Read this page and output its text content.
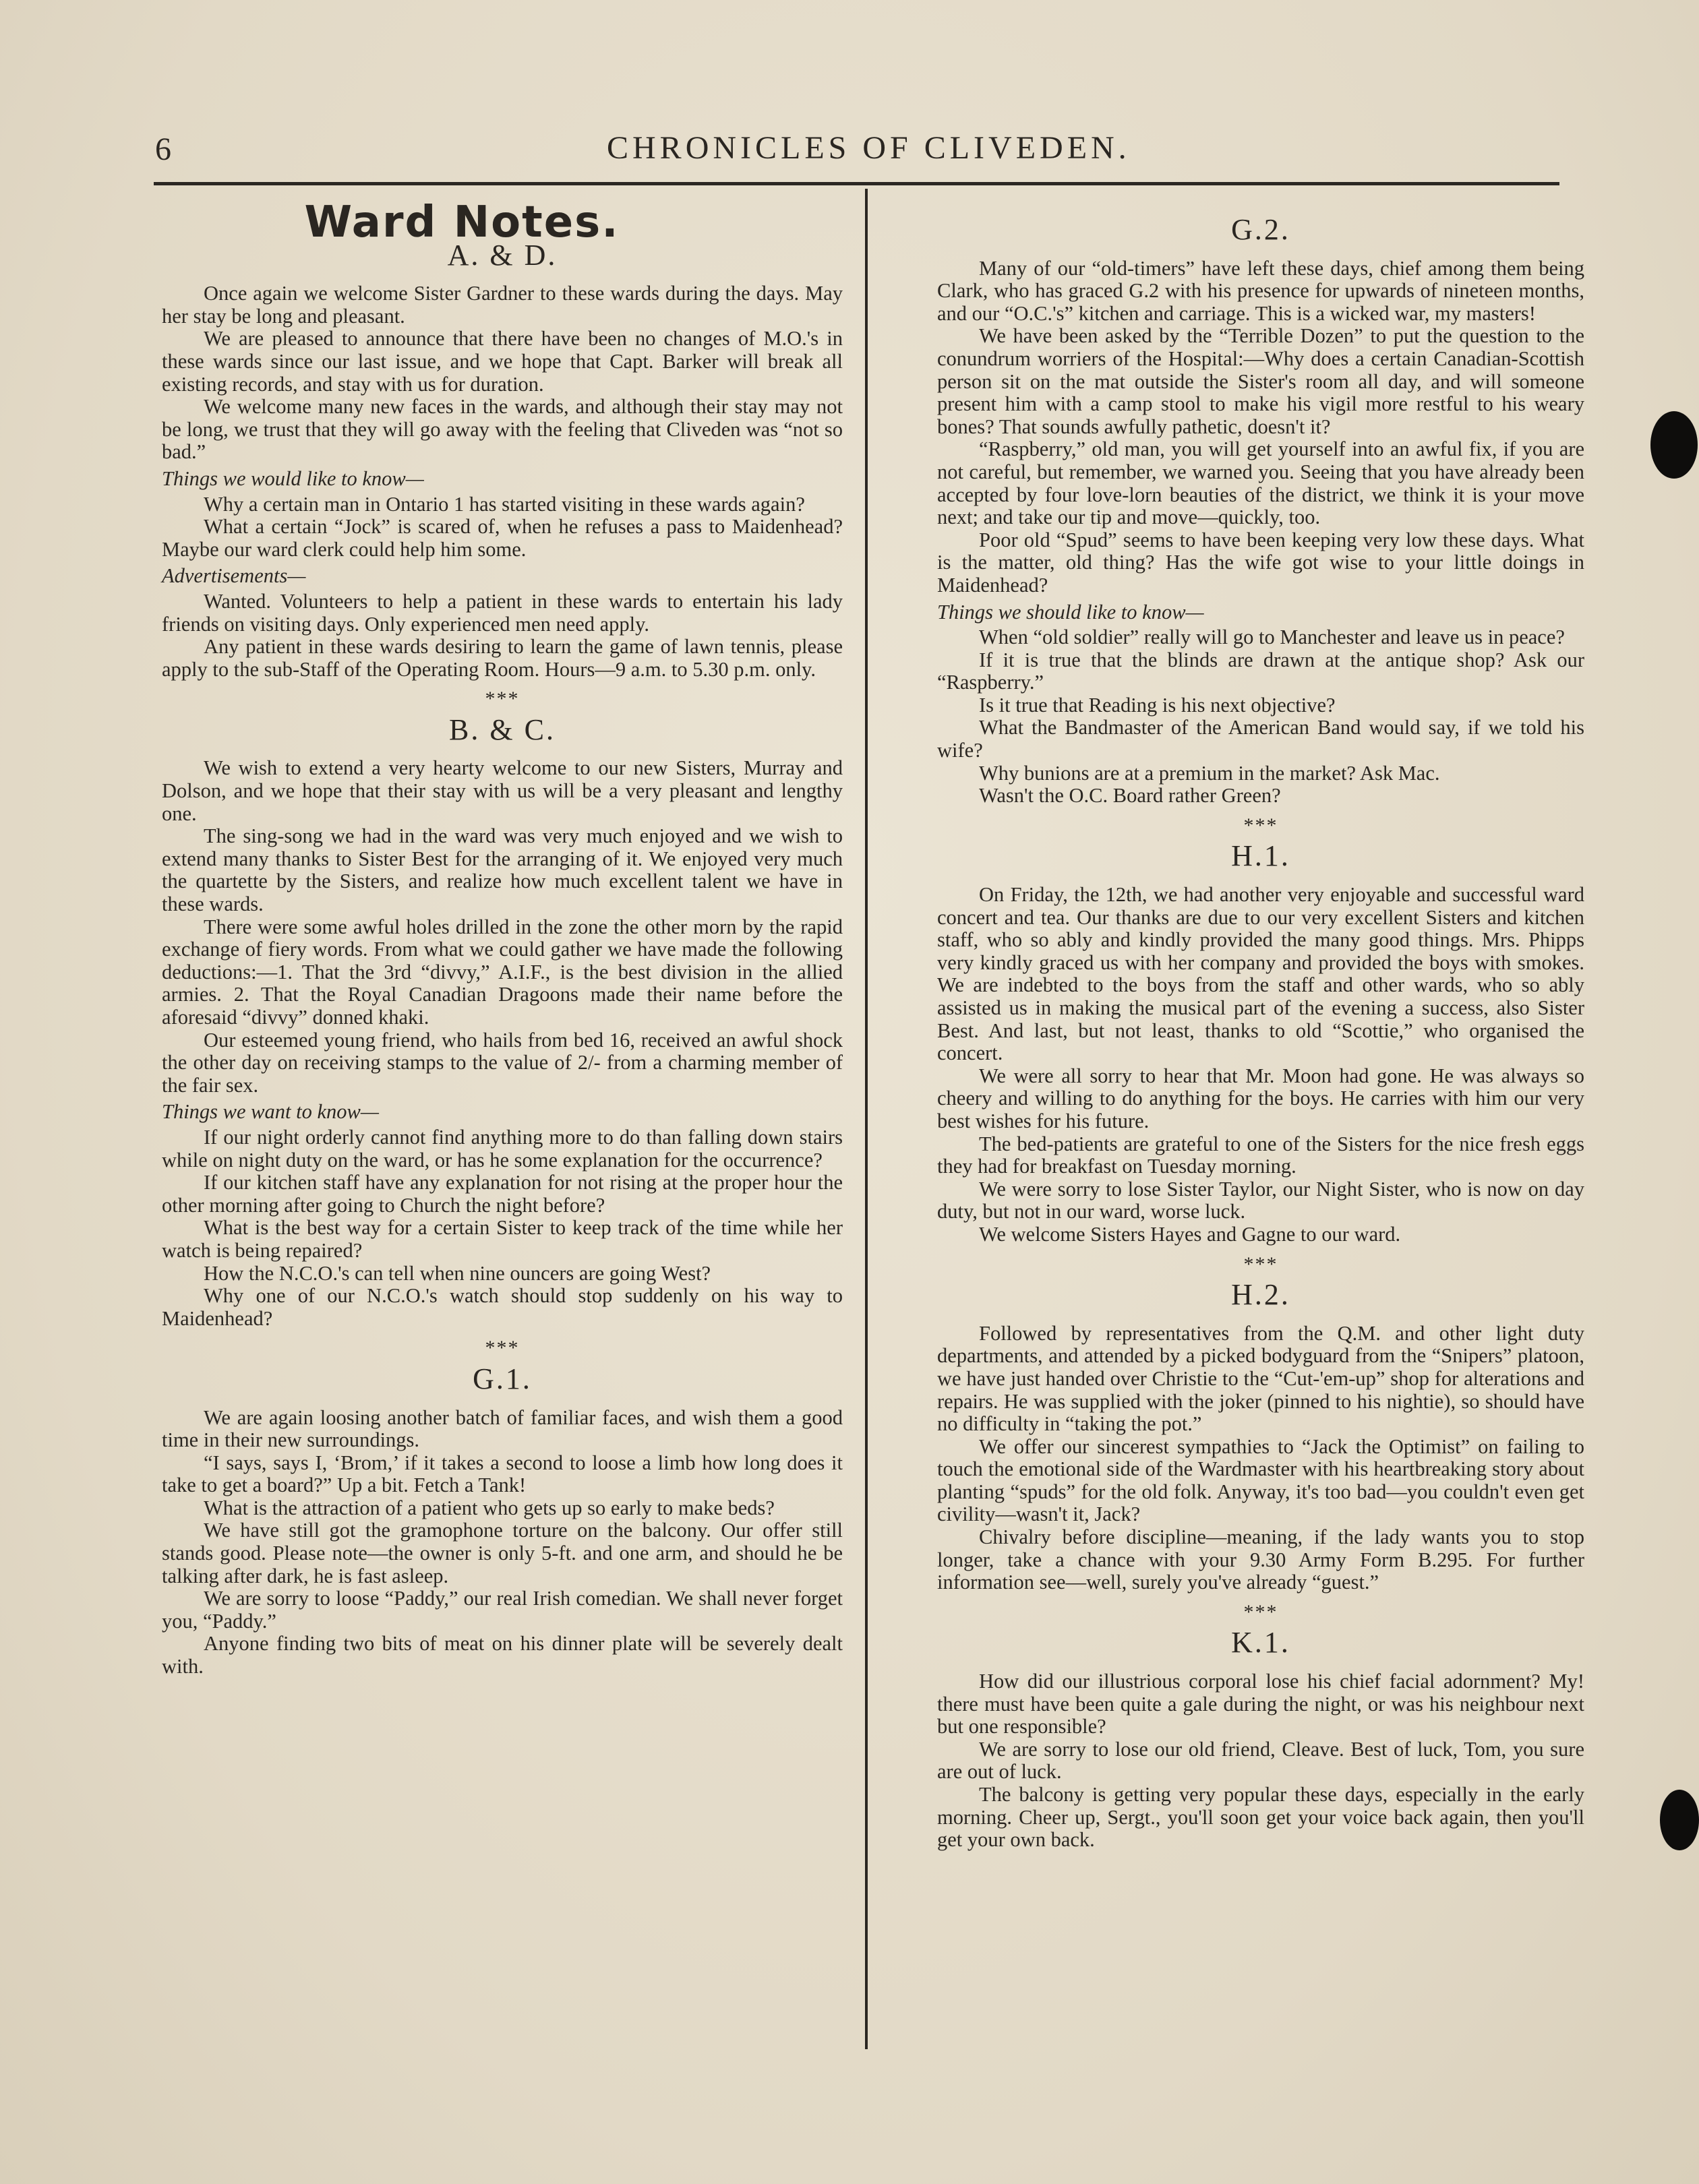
6	CHRONICLES OF CLIVEDEN.
Ward Notes.
A. & D.

Once again we welcome Sister Gardner to these wards during the days. May her stay be long and pleasant.

We are pleased to announce that there have been no changes of M.O.'s in these wards since our last issue, and we hope that Capt. Barker will break all existing records, and stay with us for duration.

We welcome many new faces in the wards, and although their stay may not be long, we trust that they will go away with the feeling that Cliveden was “not so bad.”

Things we would like to know—

Why a certain man in Ontario 1 has started visiting in these wards again?

What a certain “Jock” is scared of, when he refuses a pass to Maidenhead? Maybe our ward clerk could help him some.

Advertisements—

Wanted. Volunteers to help a patient in these wards to entertain his lady friends on visiting days. Only experienced men need apply.

Any patient in these wards desiring to learn the game of lawn tennis, please apply to the sub-Staff of the Operating Room. Hours—9 a.m. to 5.30 p.m. only.

***
B. & C.

We wish to extend a very hearty welcome to our new Sisters, Murray and Dolson, and we hope that their stay with us will be a very pleasant and lengthy one.

The sing-song we had in the ward was very much enjoyed and we wish to extend many thanks to Sister Best for the arranging of it. We enjoyed very much the quartette by the Sisters, and realize how much excellent talent we have in these wards.

There were some awful holes drilled in the zone the other morn by the rapid exchange of fiery words. From what we could gather we have made the following deductions:—1. That the 3rd “divvy,” A.I.F., is the best division in the allied armies. 2. That the Royal Canadian Dragoons made their name before the aforesaid “divvy” donned khaki.

Our esteemed young friend, who hails from bed 16, received an awful shock the other day on receiving stamps to the value of 2/- from a charming member of the fair sex.

Things we want to know—

If our night orderly cannot find anything more to do than falling down stairs while on night duty on the ward, or has he some explanation for the occurrence?

If our kitchen staff have any explanation for not rising at the proper hour the other morning after going to Church the night before?

What is the best way for a certain Sister to keep track of the time while her watch is being repaired?

How the N.C.O.'s can tell when nine ouncers are going West?

Why one of our N.C.O.'s watch should stop suddenly on his way to Maidenhead?

***
G.1.

We are again loosing another batch of familiar faces, and wish them a good time in their new surroundings.

“I says, says I, ‘Brom,’ if it takes a second to loose a limb how long does it take to get a board?” Up a bit. Fetch a Tank!

What is the attraction of a patient who gets up so early to make beds?

We have still got the gramophone torture on the balcony. Our offer still stands good. Please note—the owner is only 5-ft. and one arm, and should he be talking after dark, he is fast asleep.

We are sorry to loose “Paddy,” our real Irish comedian. We shall never forget you, “Paddy.”

Anyone finding two bits of meat on his dinner plate will be severely dealt with.

G.2.

Many of our “old-timers” have left these days, chief among them being Clark, who has graced G.2 with his presence for upwards of nineteen months, and our “O.C.'s” kitchen and carriage. This is a wicked war, my masters!

We have been asked by the “Terrible Dozen” to put the question to the conundrum worriers of the Hospital:—Why does a certain Canadian-Scottish person sit on the mat outside the Sister's room all day, and will someone present him with a camp stool to make his vigil more restful to his weary bones? That sounds awfully pathetic, doesn't it?

“Raspberry,” old man, you will get yourself into an awful fix, if you are not careful, but remember, we warned you. Seeing that you have already been accepted by four love-lorn beauties of the district, we think it is your move next; and take our tip and move—quickly, too.

Poor old “Spud” seems to have been keeping very low these days. What is the matter, old thing? Has the wife got wise to your little doings in Maidenhead?

Things we should like to know—

When “old soldier” really will go to Manchester and leave us in peace?

If it is true that the blinds are drawn at the antique shop? Ask our “Raspberry.”

Is it true that Reading is his next objective?

What the Bandmaster of the American Band would say, if we told his wife?

Why bunions are at a premium in the market? Ask Mac.

Wasn't the O.C. Board rather Green?

***
H.1.

On Friday, the 12th, we had another very enjoyable and successful ward concert and tea. Our thanks are due to our very excellent Sisters and kitchen staff, who so ably and kindly provided the many good things. Mrs. Phipps very kindly graced us with her company and provided the boys with smokes. We are indebted to the boys from the staff and other wards, who so ably assisted us in making the musical part of the evening a success, also Sister Best. And last, but not least, thanks to old “Scottie,” who organised the concert.

We were all sorry to hear that Mr. Moon had gone. He was always so cheery and willing to do anything for the boys. He carries with him our very best wishes for his future.

The bed-patients are grateful to one of the Sisters for the nice fresh eggs they had for breakfast on Tuesday morning.

We were sorry to lose Sister Taylor, our Night Sister, who is now on day duty, but not in our ward, worse luck.

We welcome Sisters Hayes and Gagne to our ward.

***
H.2.

Followed by representatives from the Q.M. and other light duty departments, and attended by a picked bodyguard from the “Snipers” platoon, we have just handed over Christie to the “Cut-'em-up” shop for alterations and repairs. He was supplied with the joker (pinned to his nightie), so should have no difficulty in “taking the pot.”

We offer our sincerest sympathies to “Jack the Optimist” on failing to touch the emotional side of the Wardmaster with his heartbreaking story about planting “spuds” for the old folk. Anyway, it's too bad—you couldn't even get civility—wasn't it, Jack?

Chivalry before discipline—meaning, if the lady wants you to stop longer, take a chance with your 9.30 Army Form B.295. For further information see—well, surely you've already “guest.”

***
K.1.

How did our illustrious corporal lose his chief facial adornment? My! there must have been quite a gale during the night, or was his neighbour next but one responsible?

We are sorry to lose our old friend, Cleave. Best of luck, Tom, you sure are out of luck.

The balcony is getting very popular these days, especially in the early morning. Cheer up, Sergt., you'll soon get your voice back again, then you'll get your own back.
